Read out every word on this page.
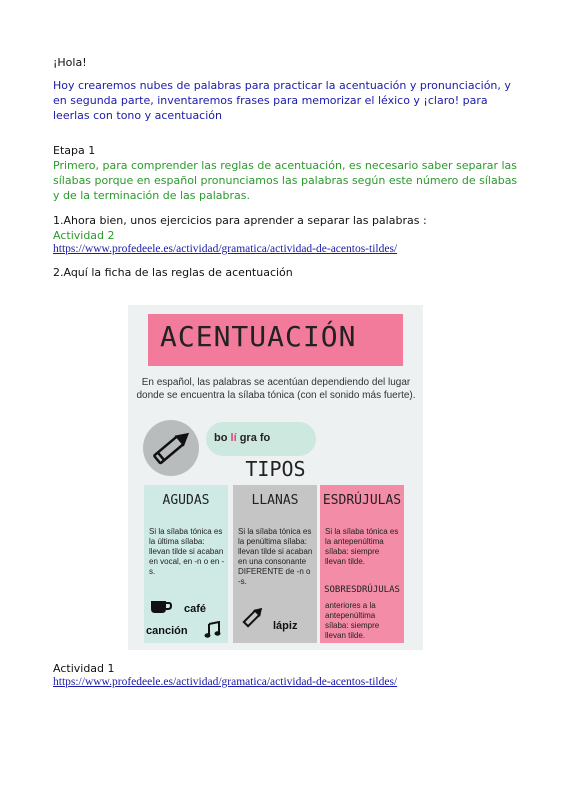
¡Hola!
Hoy crearemos nubes de palabras para practicar la acentuación y pronunciación, y en segunda parte, inventaremos frases para memorizar el léxico y ¡claro! para leerlas con tono y acentuación
Etapa 1
Primero, para comprender las reglas de acentuación, es necesario saber separar las sílabas porque en español pronunciamos las palabras según este número de sílabas y de la terminación de las palabras.
1.Ahora bien, unos ejercicios para aprender a separar las palabras :
Actividad 2
https://www.profedeele.es/actividad/gramatica/actividad-de-acentos-tildes/
2.Aquí la ficha de las reglas de acentuación
Actividad 1
https://www.profedeele.es/actividad/gramatica/actividad-de-acentos-tildes/
ACENTUACIÓN
En español, las palabras se acentúan dependiendo del lugar donde se encuentra la sílaba tónica (con el sonido más fuerte).
bo lí gra fo
TIPOS
AGUDAS
Si la sílaba tónica es la última sílaba: llevan tilde si acaban en vocal, en -n o en -s.
café
canción
LLANAS
Si la sílaba tónica es la penúltima sílaba: llevan tilde si acaban en una consonante DIFERENTE de -n o -s.
lápiz
ESDRÚJULAS
Si la sílaba tónica es la antepenúltima sílaba: siempre llevan tilde.
SOBRESDRÚJULAS
anteriores a la antepenúltima sílaba: siempre llevan tilde.
